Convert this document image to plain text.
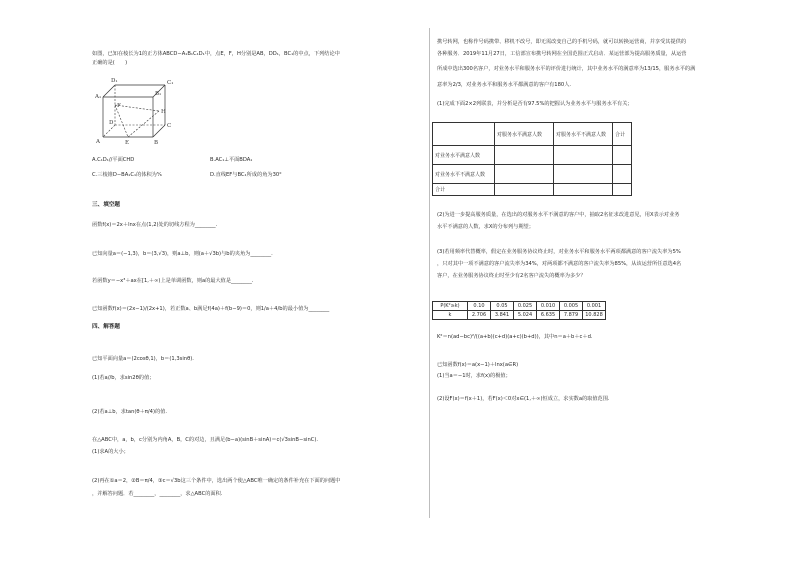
如图，已知在棱长为1的正方体ABCD−A₁B₁C₁D₁中，点E，F，H分别是AB，DD₁，BC₁的中点，下列结论中
正确的是(　　)
D₁	C₁
A₁	B₁
F
H
D	C
A	E	B
A.C₁D₁//平面CHD	B.AC₁⊥平面BDA₁
C.三棱锥D−BA₁C₁的体积为⁵⁄₆	D.直线EF与BC₁所成的角为30°
三、填空题
函数f(x)＝2x＋lnx在点(1,2)处的切线方程为________.
已知向量a＝(−1,3)，b＝(3,√3)，则a⊥b，则(a＋√3b)与b的夹角为________.
若函数y＝−x³＋ax在[1,＋∞)上是单调函数，则a的最大值是________.
已知函数f(x)＝(2x−1)/(2x+1)，若正数a、b满足f(4a)＋f(b−9)＝0，则1/a＋4/b的最小值为________
四、解答题
已知平面向量a＝(2cosθ,1)，b＝(1,3sinθ).
(1)若a//b，求sin2θ的值；
(2)若a⊥b，求tan(θ＋π/4)的值.
在△ABC中，a，b，c分别为内角A，B，C的对边，且满足(b−a)(sinB＋sinA)＝c(√3sinB−sinC).
(1)求A的大小；
(2)再在①a＝2，②B＝π/4，③c＝√3b这三个条件中，选出两个使△ABC唯一确定的条件补充在下面的问题中
，并解答问题．若________，________，求△ABC的面积.
携号转网，也称作号码携带、移机不改号，即无需改变自己的手机号码，就可以转换运营商，并享受其提供的
各种服务．2019年11月27日，工信部宣布携号转网在全国范围正式启动．某运营部为提高服务质量，从运营
所成中选出300名客户，对业务水平和服务水平的评价进行统计，其中业务水平的满意率为13/15，服务水平的满
意率为2/3，对业务水平和服务水平都满意的客户有180人.
(1)完成下面2×2列联表，并分析是否有97.5%的把握认为业务水平与服务水平有关；
	对服务水平满意人数	对服务水平不满意人数	合计
对业务水平满意人数			
对业务水平不满意人数			
合计			
(2)为进一步提高服务质量，在选出的对服务水平不满意的客户中，抽取2名征求改进意见，用X表示对业务
水平不满意的人数，求X的分布列与期望；
(3)若用频率代替概率，假定在业务服务协议终止时，对业务水平和服务水平两项都满意的客户流失率为5%
，只对其中一项不满意的客户流失率为34%，对两项都不满意的客户流失率为85%，从该运营所任意选4名
客户，在业务服务协议终止时至少有2名客户流失的概率为多少？
P(K²≥k)	0.10	0.05	0.025	0.010	0.005	0.001
k	2.706	3.841	5.024	6.635	7.879	10.828
K²＝n(ad−bc)²/((a+b)(c+d)(a+c)(b+d))，其中n＝a＋b＋c＋d.
已知函数f(x)＝a(x−1)＋lnx(a∈R)
(1)当a＝−1时，求f(x)的极值；
(2)设F(x)＝f(x＋1)，若F(x)＜0对x∈(1,＋∞)恒成立，求实数a的取值范围.
